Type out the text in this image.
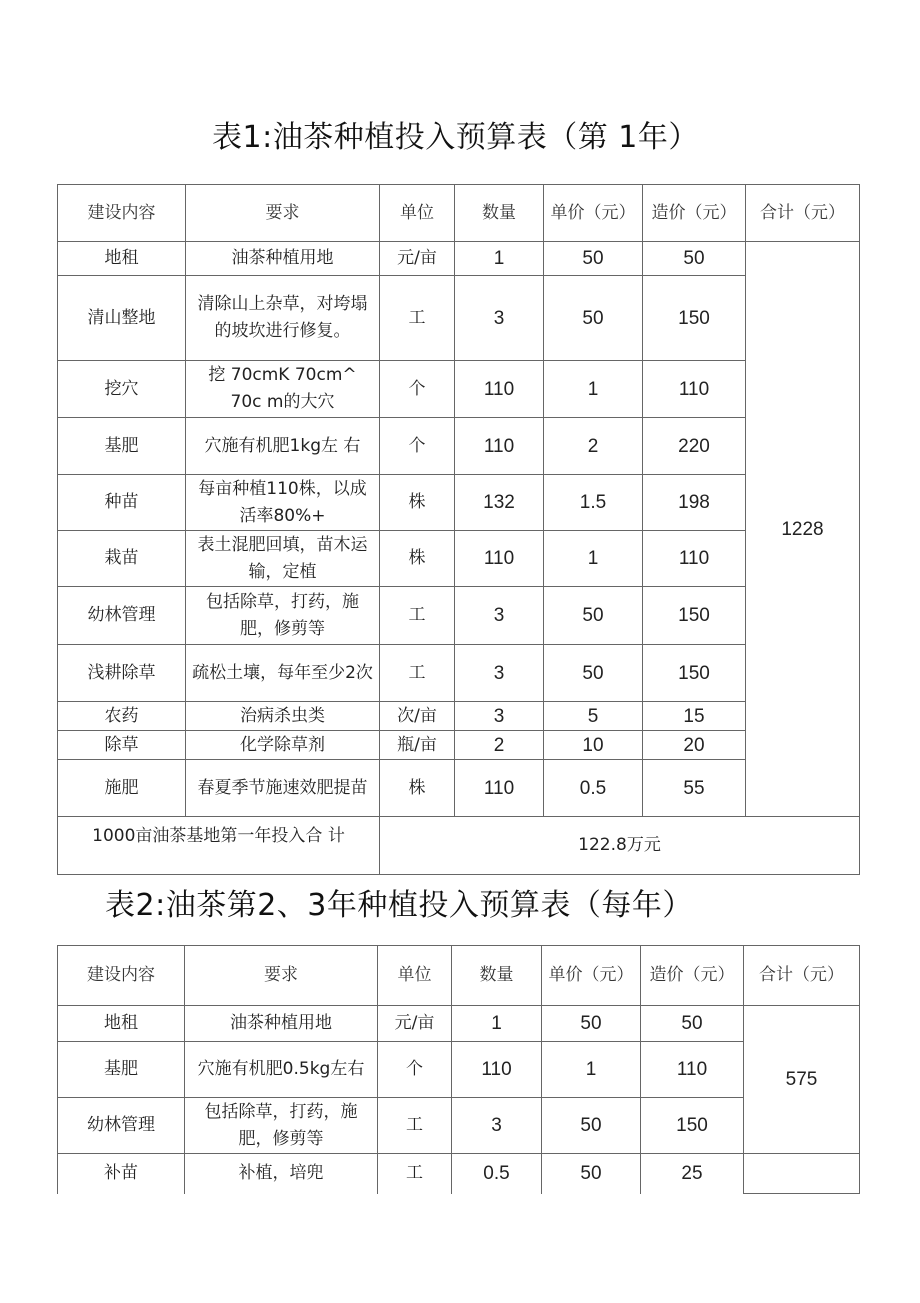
表1:油茶种植投入预算表（第 1年）
建设内容	要求	单位	数量	单价（元）	造价（元）	合计（元）
地租	油茶种植用地	元/亩	1	50	50	1228
清山整地	清除山上杂草，对垮塌的坡坎进行修复。	工	3	50	150	
挖穴	挖 70cmK 70cm^ 70c m的大穴	个	110	1	110	
基肥	穴施有机肥1kg左 右	个	110	2	220	
种苗	每亩种植110株，以成活率80%+	株	132	1.5	198	
栽苗	表土混肥回填，苗木运输，定植	株	110	1	110	
幼林管理	包括除草，打药，施肥，修剪等	工	3	50	150	
浅耕除草	疏松土壤，每年至少2次	工	3	50	150	
农药	治病杀虫类	次/亩	3	5	15	
除草	化学除草剂	瓶/亩	2	10	20	
施肥	春夏季节施速效肥提苗	株	110	0.5	55	
1000亩油茶基地第一年投入合 计		122.8万元				
表2:油茶第2、3年种植投入预算表（每年）
建设内容	要求	单位	数量	单价（元）	造价（元）	合计（元）
地租	油茶种植用地	元/亩	1	50	50	575
基肥	穴施有机肥0.5kg左右	个	110	1	110	
幼林管理	包括除草，打药，施肥，修剪等	工	3	50	150	
补苗	补植，培兜	工	0.5	50	25	
